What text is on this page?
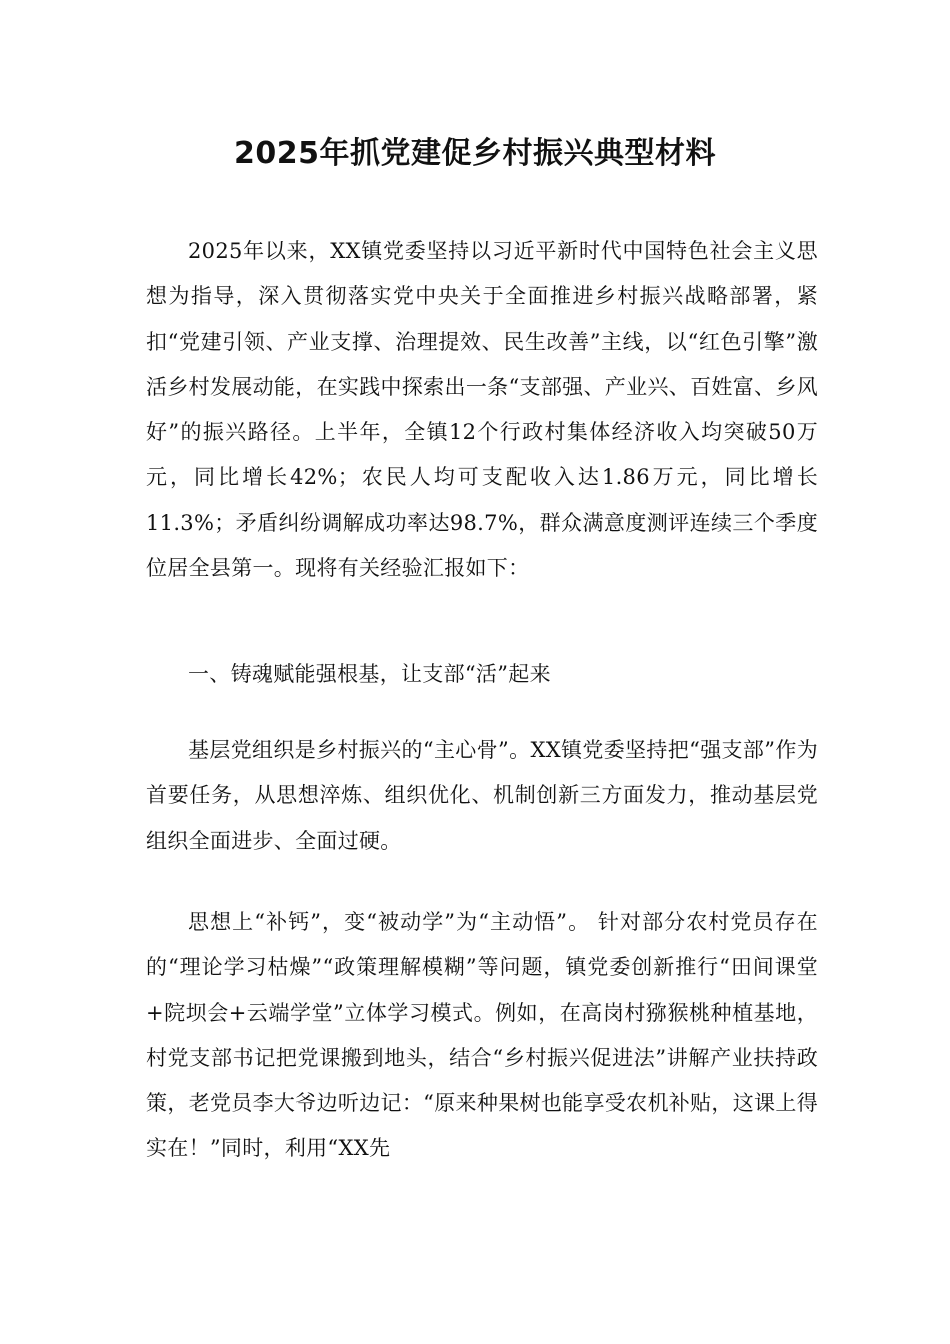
2025年抓党建促乡村振兴典型材料

2025年以来，XX镇党委坚持以习近平新时代中国特色社会主义思想为指导，深入贯彻落实党中央关于全面推进乡村振兴战略部署，紧扣“党建引领、产业支撑、治理提效、民生改善”主线，以“红色引擎”激活乡村发展动能，在实践中探索出一条“支部强、产业兴、百姓富、乡风好”的振兴路径。上半年，全镇12个行政村集体经济收入均突破50万元，同比增长42%；农民人均可支配收入达1.86万元，同比增长11.3%；矛盾纠纷调解成功率达98.7%，群众满意度测评连续三个季度位居全县第一。现将有关经验汇报如下：

一、铸魂赋能强根基，让支部“活”起来

基层党组织是乡村振兴的“主心骨”。XX镇党委坚持把“强支部”作为首要任务，从思想淬炼、组织优化、机制创新三方面发力，推动基层党组织全面进步、全面过硬。

思想上“补钙”，变“被动学”为“主动悟”。 针对部分农村党员存在的“理论学习枯燥”“政策理解模糊”等问题，镇党委创新推行“田间课堂+院坝会+云端学堂”立体学习模式。例如，在高岗村猕猴桃种植基地，村党支部书记把党课搬到地头，结合“乡村振兴促进法”讲解产业扶持政策，老党员李大爷边听边记：“原来种果树也能享受农机补贴，这课上得实在！”同时，利用“XX先
